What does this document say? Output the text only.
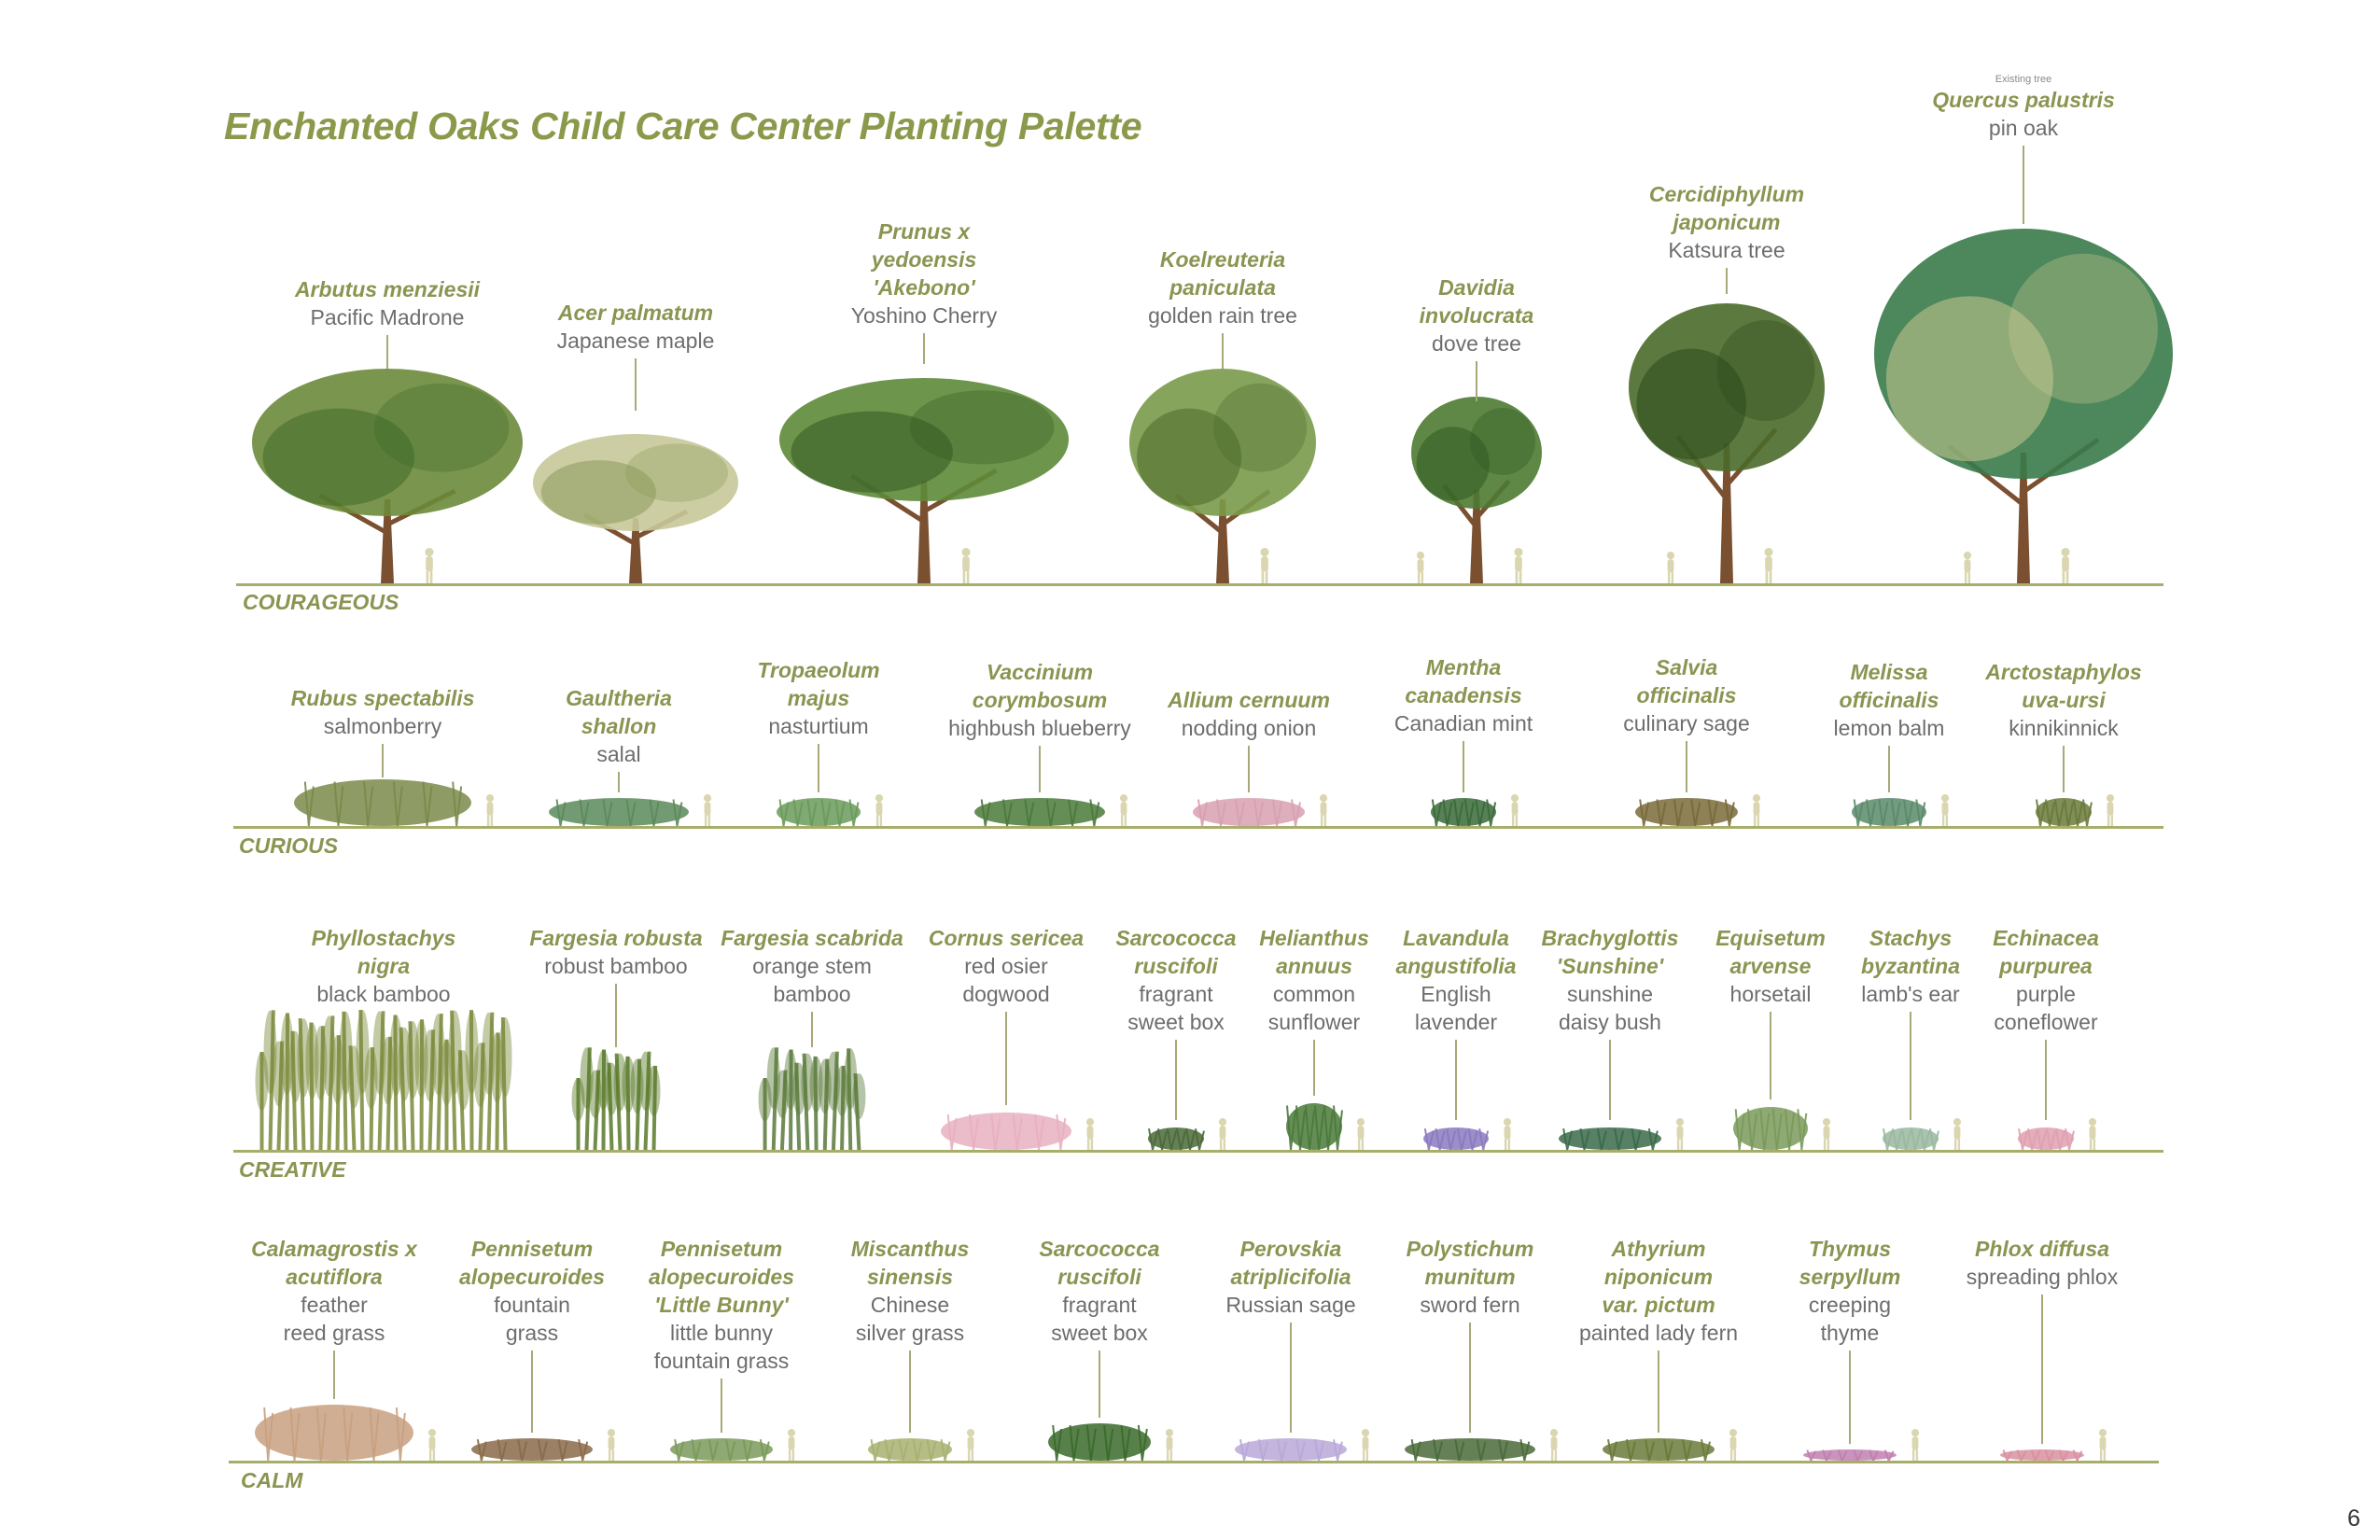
Enchanted Oaks Child Care Center Planting Palette
COURAGEOUS
Arbutus menziesii
Pacific Madrone	Acer palmatum
Japanese maple
Prunus x yedoensis
'Akebono'
Yoshino Cherry
Koelreuteria paniculata
golden rain tree
Davidia involucrata
dove tree
Cercidiphyllum japonicum
Katsura tree
Existing tree
Quercus palustris
pin oak
CURIOUS
Rubus spectabilis
salmonberry
Gaultheria shallon
salal
Tropaeolum
majus
nasturtium
Vaccinium
corymbosum
highbush blueberry
Allium cernuum
nodding onion
Mentha
canadensis
Canadian mint
Salvia
officinalis
culinary sage
Melissa
officinalis
lemon balm
Arctostaphylos
uva-ursi
kinnikinnick
CREATIVE
Phyllostachys nigra
black bamboo
Fargesia robusta
robust bamboo
Fargesia scabrida
orange stem
bamboo
Cornus sericea
red osier
dogwood
Sarcococca
ruscifoli
fragrant
sweet box
Helianthus
annuus
common
sunflower
Lavandula
angustifolia
English
lavender
Brachyglottis
'Sunshine'
sunshine
daisy bush
Equisetum
arvense
horsetail
Stachys
byzantina
lamb's ear
Echinacea
purpurea
purple
coneflower
CALM
Calamagrostis x
acutiflora
feather
reed grass
Pennisetum
alopecuroides
fountain
grass
Pennisetum
alopecuroides
'Little Bunny'
little bunny
fountain grass
Miscanthus
sinensis
Chinese
silver grass
Sarcococca
ruscifoli
fragrant
sweet box
Perovskia
atriplicifolia
Russian sage
Polystichum
munitum
sword fern
Athyrium
niponicum
var. pictum
painted lady fern
Thymus
serpyllum
creeping
thyme
Phlox diffusa
spreading phlox
6
